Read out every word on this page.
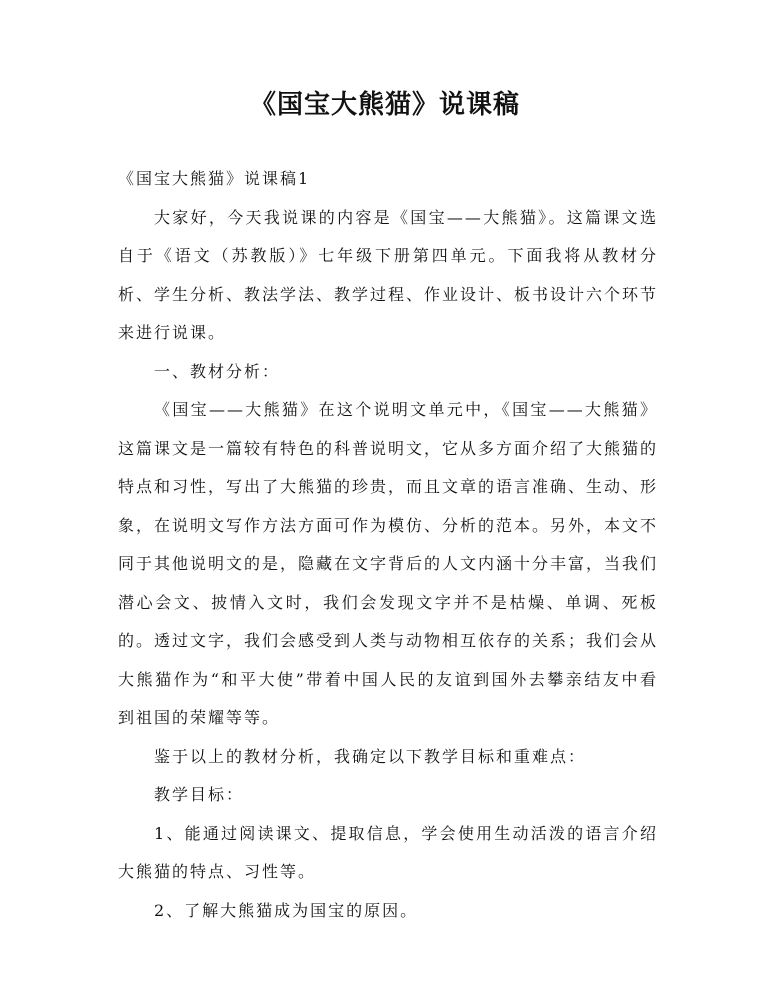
《国宝大熊猫》说课稿

《国宝大熊猫》说课稿1

大家好，今天我说课的内容是《国宝——大熊猫》。这篇课文选自于《语文（苏教版）》七年级下册第四单元。下面我将从教材分析、学生分析、教法学法、教学过程、作业设计、板书设计六个环节来进行说课。

一、教材分析：

《国宝——大熊猫》在这个说明文单元中，《国宝——大熊猫》这篇课文是一篇较有特色的科普说明文，它从多方面介绍了大熊猫的特点和习性，写出了大熊猫的珍贵，而且文章的语言准确、生动、形象，在说明文写作方法方面可作为模仿、分析的范本。另外，本文不同于其他说明文的是，隐藏在文字背后的人文内涵十分丰富，当我们潜心会文、披情入文时，我们会发现文字并不是枯燥、单调、死板的。透过文字，我们会感受到人类与动物相互依存的关系；我们会从大熊猫作为“和平大使”带着中国人民的友谊到国外去攀亲结友中看到祖国的荣耀等等。

鉴于以上的教材分析，我确定以下教学目标和重难点：

教学目标：

1、能通过阅读课文、提取信息，学会使用生动活泼的语言介绍大熊猫的特点、习性等。

2、了解大熊猫成为国宝的原因。
